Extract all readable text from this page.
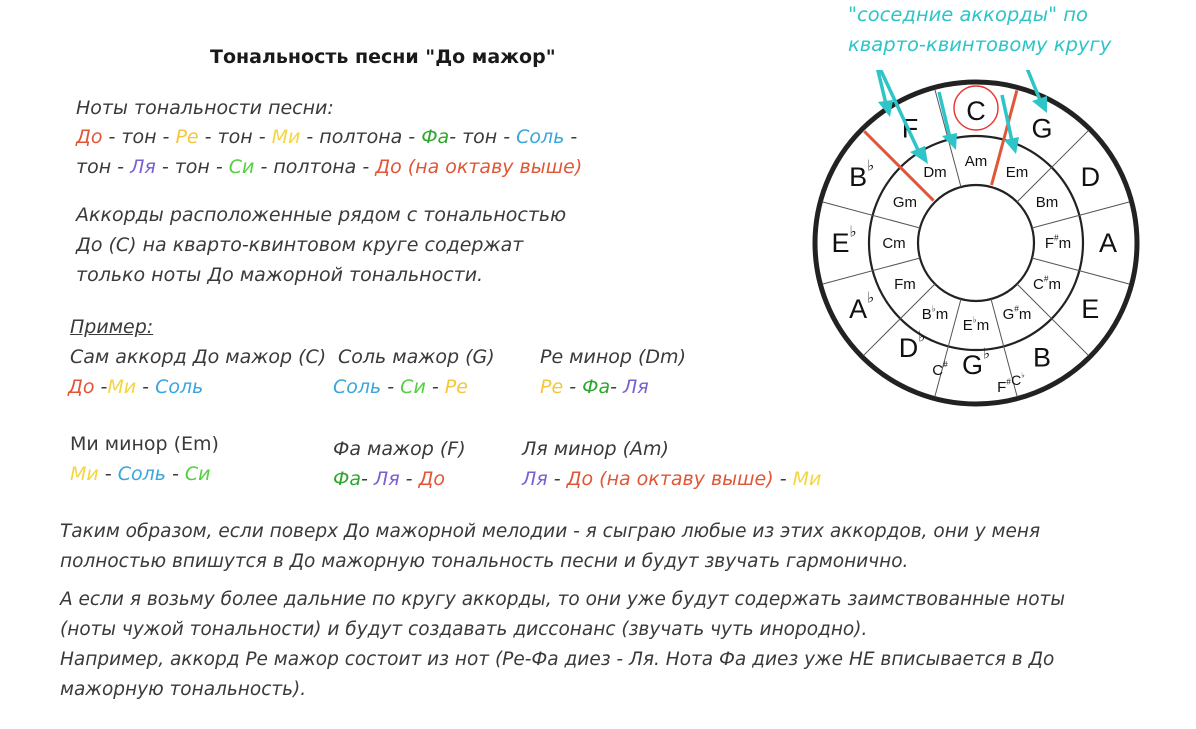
Тональность песни "До мажор"
Ноты тональности песни:
До - тон - Ре - тон - Ми - полтона - Фа- тон - Соль -
тон - Ля - тон - Си - полтона - До (на октаву выше)
Аккорды расположенные рядом с тональностью
До (С) на кварто-квинтовом круге содержат
только ноты До мажорной тональности.
Пример:
Сам аккорд До мажор (С)
До -Ми - Соль
Соль мажор (G)
Соль - Си - Ре
Ре минор (Dm)
Ре - Фа- Ля
Ми минор (Em)
Ми - Соль - Си
Фа мажор (F)
Фа- Ля - До
Ля минор (Am)
Ля - До (на октаву выше) - Ми
Таким образом, если поверх До мажорной мелодии - я сыграю любые из этих аккордов, они у меня
полностью впишутся в До мажорную тональность песни и будут звучать гармонично.
А если я возьму более дальние по кругу аккорды, то они уже будут содержать заимствованные ноты
(ноты чужой тональности) и будут создавать диссонанс (звучать чуть инородно).
Например, аккорд Ре мажор состоит из нот (Ре-Фа диез - Ля. Нота Фа диез уже НЕ вписывается в До
мажорную тональность).
"соседние аккорды" по
кварто-квинтовому кругу
C
G
D
A
E
B
G♭
F#
D♭
C#
A♭
E♭
B♭
F
C♭
Am
Em
Bm
F#m
C#m
G#m
E♭m
B♭m
Fm
Cm
Gm
Dm
